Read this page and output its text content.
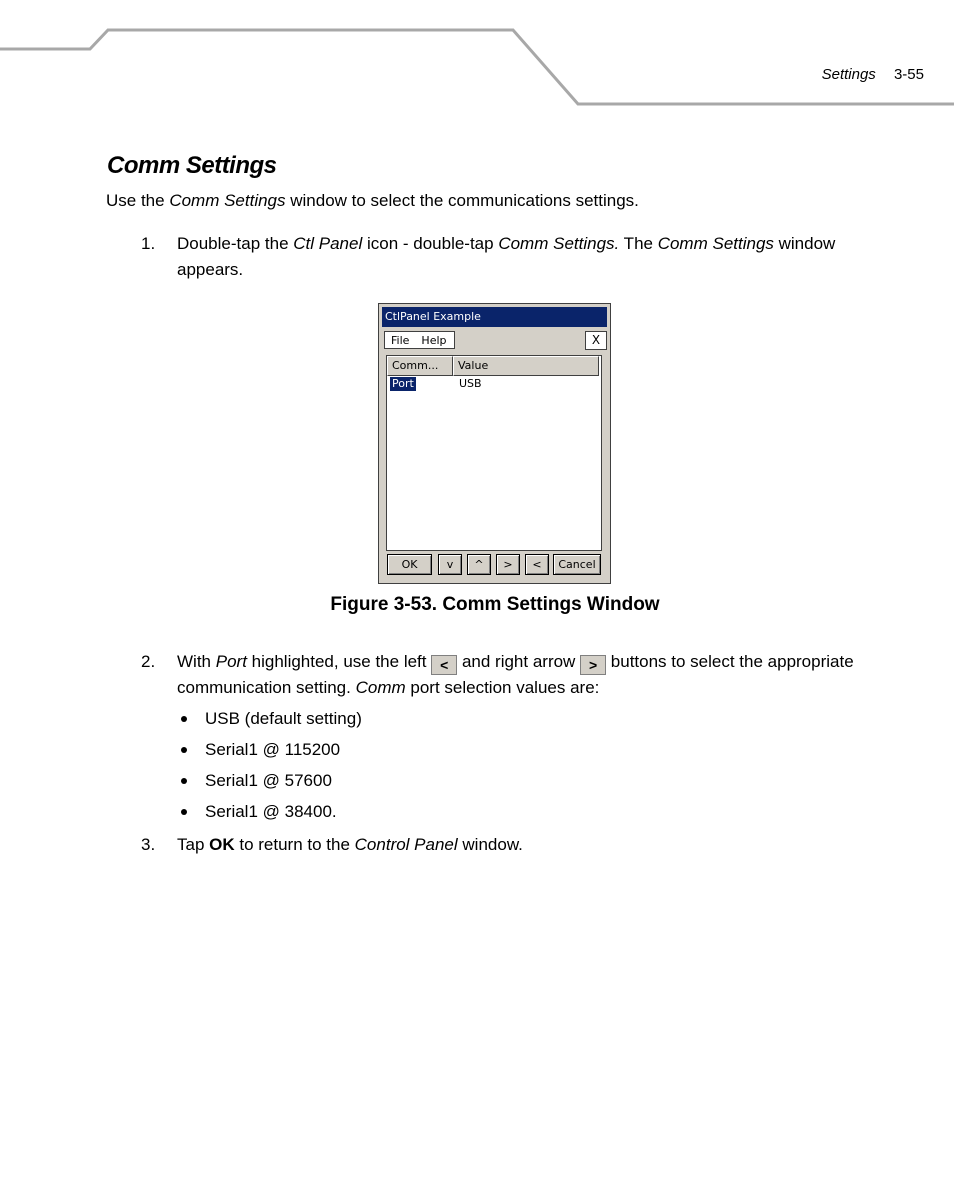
Settings 3-55
Comm Settings
Use the Comm Settings window to select the communications settings.
1. Double-tap the Ctl Panel icon - double-tap Comm Settings. The Comm Settings window appears.
CtlPanel Example
File	Help	X
Comm...	Value
Port	USB
OK	v	^	>	<	Cancel
Figure 3-53. Comm Settings Window
2. With Port highlighted, use the left < and right arrow > buttons to select the appropriate communication setting. Comm port selection values are:
USB (default setting)
Serial1 @ 115200
Serial1 @ 57600
Serial1 @ 38400.
3. Tap OK to return to the Control Panel window.
